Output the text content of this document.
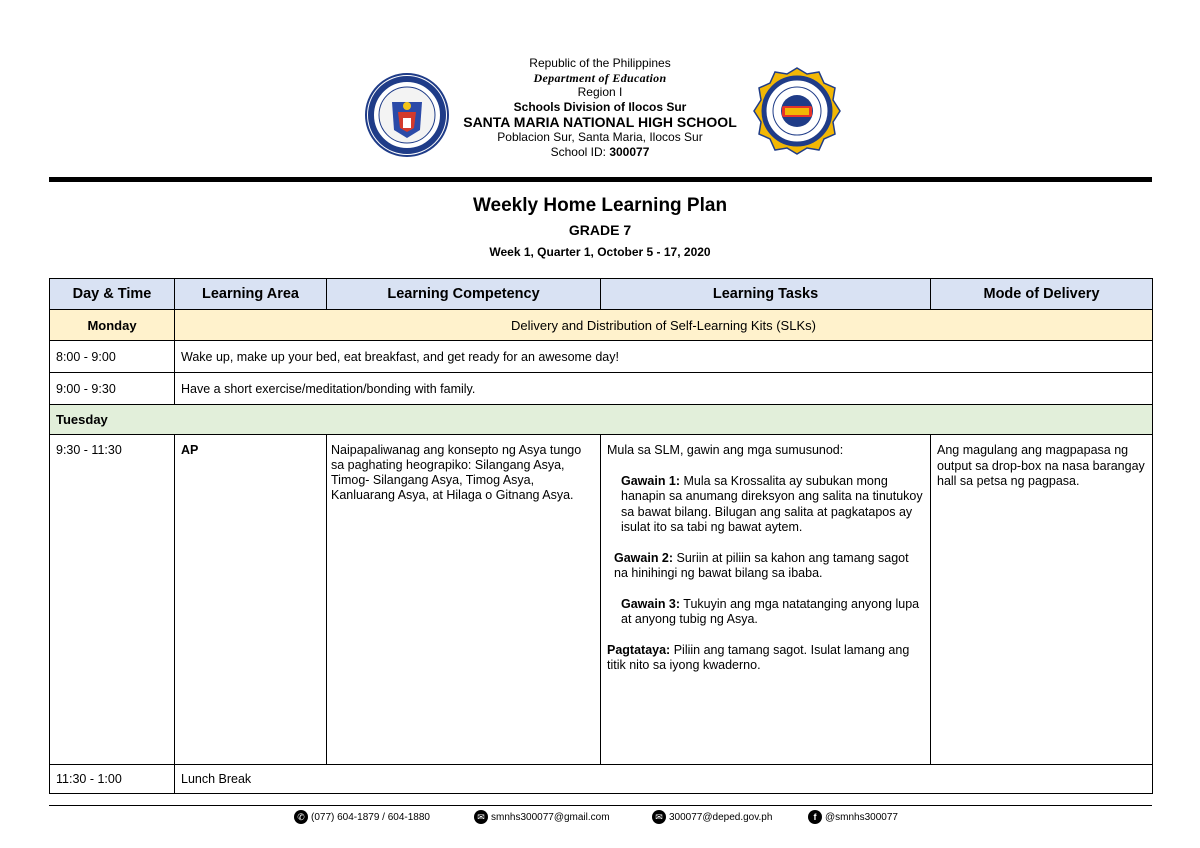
Republic of the Philippines
Department of Education
Region I
Schools Division of Ilocos Sur
SANTA MARIA NATIONAL HIGH SCHOOL
Poblacion Sur, Santa Maria, Ilocos Sur
School ID: 300077
Weekly Home Learning Plan
GRADE 7
Week 1, Quarter 1, October 5 - 17, 2020
Day & Time	Learning Area	Learning Competency	Learning Tasks	Mode of Delivery
Monday	Delivery and Distribution of Self-Learning Kits (SLKs)			
8:00 - 9:00	Wake up, make up your bed, eat breakfast, and get ready for an awesome day!			
9:00 - 9:30	Have a short exercise/meditation/bonding with family.			
Tuesday				
9:30 - 11:30	AP	Naipapaliwanag ang konsepto ng Asya tungo sa paghating heograpiko: Silangang Asya, Timog- Silangang Asya, Timog Asya, Kanluarang Asya, at Hilaga o Gitnang Asya.	Mula sa SLM, gawin ang mga sumusunod:
Gawain 1: Mula sa Krossalita ay subukan mong hanapin sa anumang direksyon ang salita na tinutukoy sa bawat bilang. Bilugan ang salita at pagkatapos ay isulat ito sa tabi ng bawat aytem.
Gawain 2: Suriin at piliin sa kahon ang tamang sagot na hinihingi ng bawat bilang sa ibaba.
Gawain 3: Tukuyin ang mga natatanging anyong lupa at anyong tubig ng Asya.
Pagtataya: Piliin ang tamang sagot. Isulat lamang ang titik nito sa iyong kwaderno.	Ang magulang ang magpapasa ng output sa drop-box na nasa barangay hall sa petsa ng pagpasa.
11:30 - 1:00	Lunch Break			
✆ (077) 604-1879 / 604-1880	✉ smnhs300077@gmail.com	✉ 300077@deped.gov.ph	f @smnhs300077
